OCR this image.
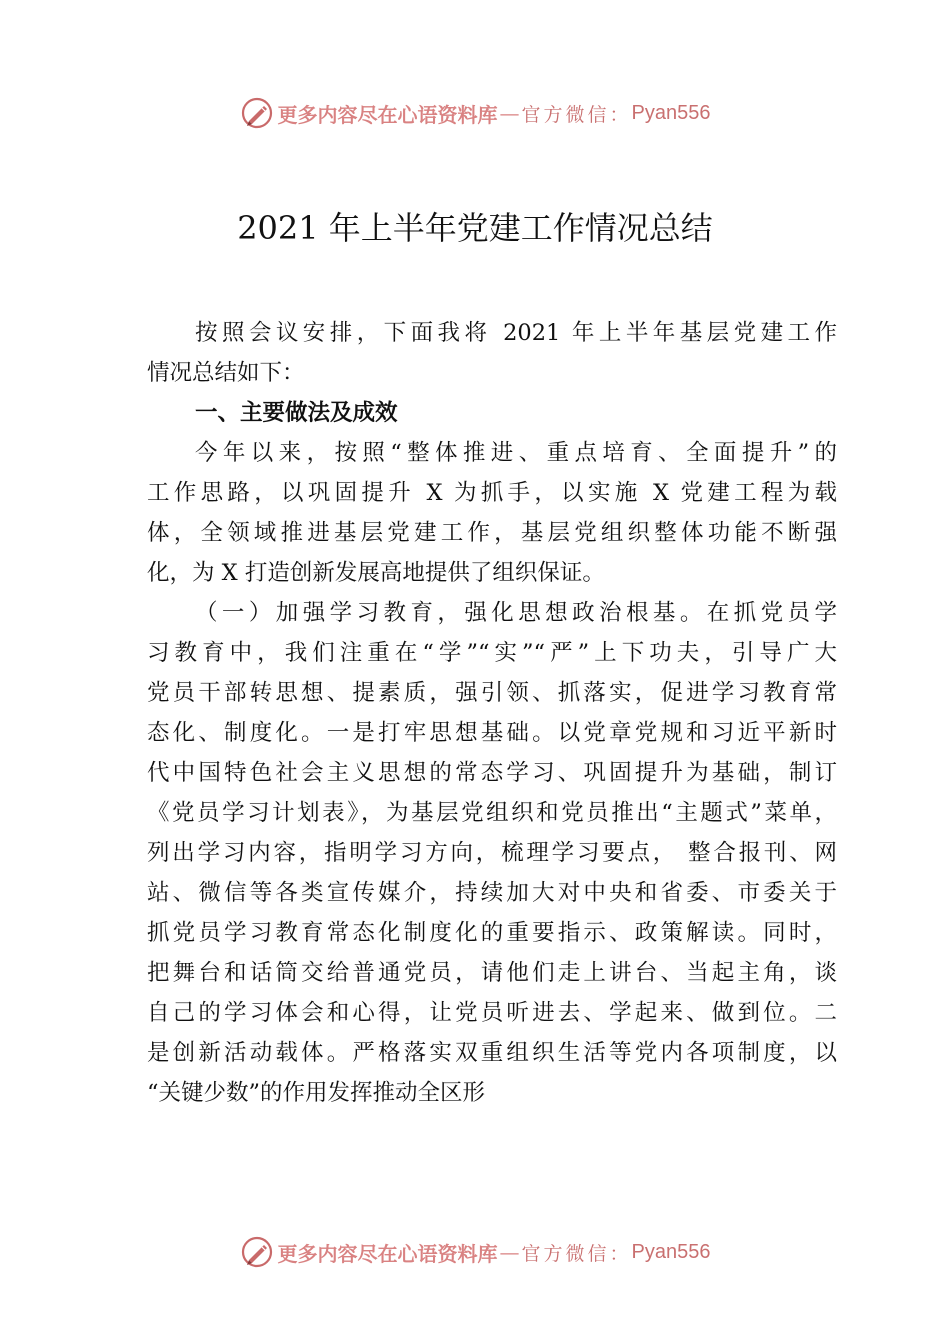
更多内容尽在心语资料库 — 官方微信： Pyan556
2021 年上半年党建工作情况总结
按照会议安排，下面我将 2021 年上半年基层党建工作
情况总结如下：
一、主要做法及成效
今年以来，按照“整体推进、重点培育、全面提升”的
工作思路，以巩固提升 X 为抓手，以实施 X 党建工程为载
体，全领域推进基层党建工作，基层党组织整体功能不断强
化，为 X 打造创新发展高地提供了组织保证。
（一）加强学习教育，强化思想政治根基。在抓党员学
习教育中，我们注重在“学”“实”“严”上下功夫，引导广大
党员干部转思想、提素质，强引领、抓落实，促进学习教育常
态化、制度化。一是打牢思想基础。以党章党规和习近平新时
代中国特色社会主义思想的常态学习、巩固提升为基础，制订
《党员学习计划表》，为基层党组织和党员推出“主题式”菜单，
列出学习内容，指明学习方向，梳理学习要点， 整合报刊、网
站、微信等各类宣传媒介，持续加大对中央和省委、市委关于
抓党员学习教育常态化制度化的重要指示、政策解读。同时，
把舞台和话筒交给普通党员，请他们走上讲台、当起主角，谈
自己的学习体会和心得，让党员听进去、学起来、做到位。二
是创新活动载体。严格落实双重组织生活等党内各项制度，以
“关键少数”的作用发挥推动全区形
更多内容尽在心语资料库 — 官方微信： Pyan556
